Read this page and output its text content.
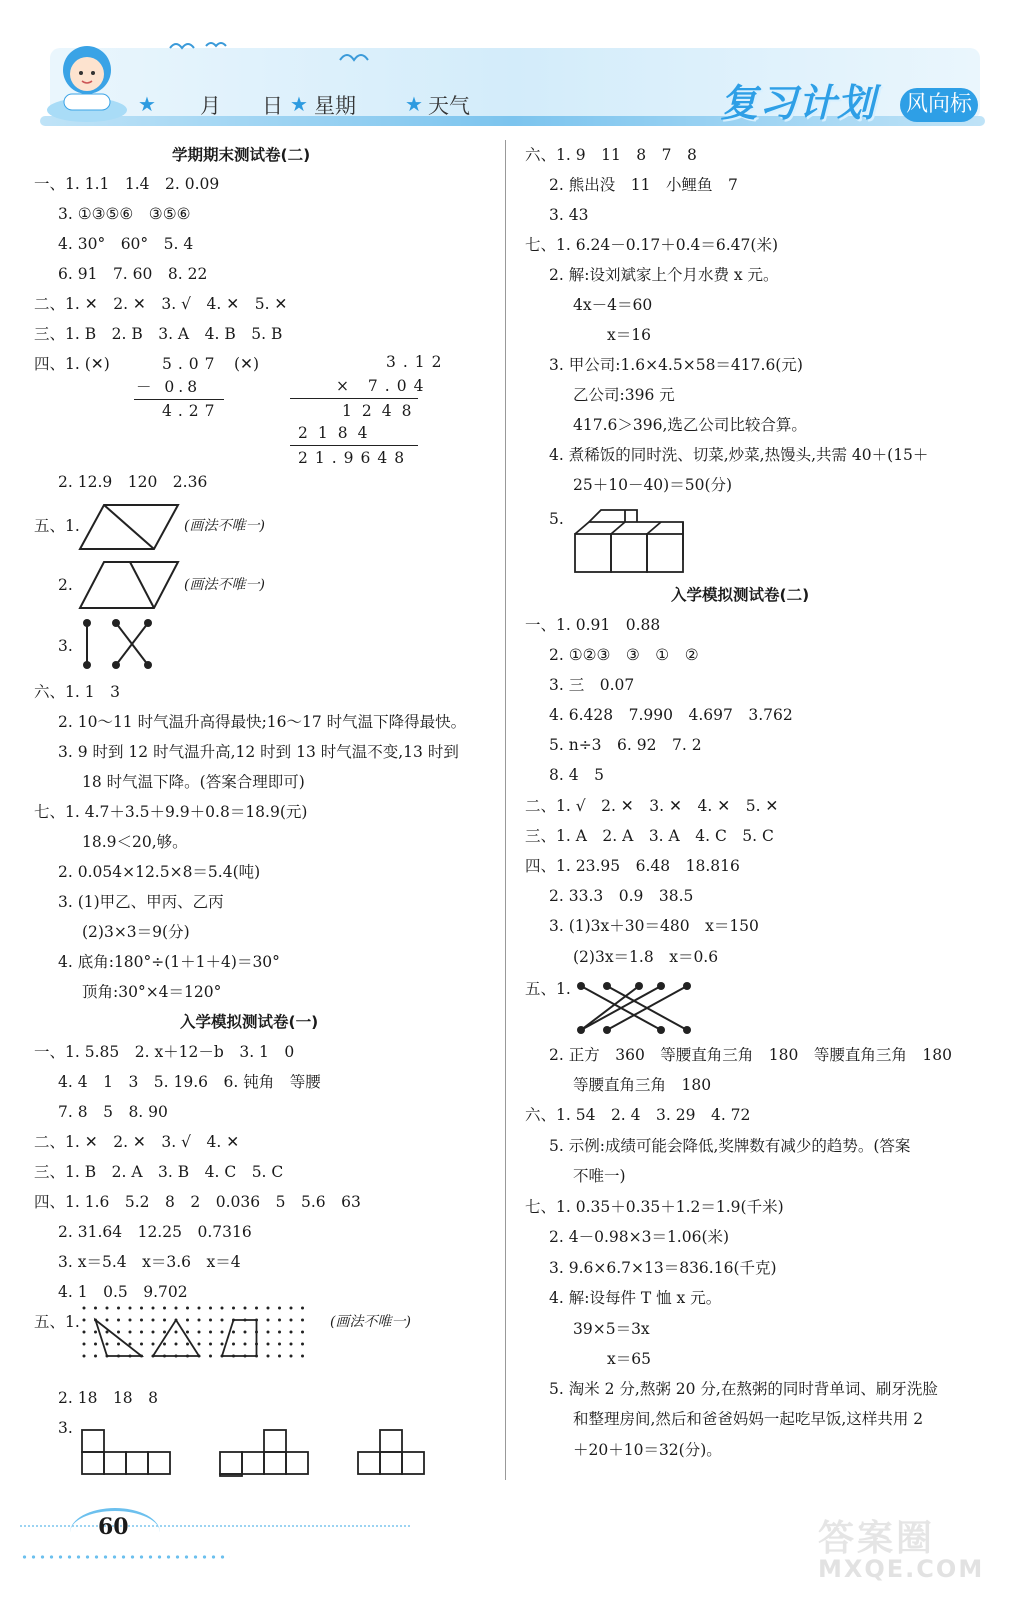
★ 月 日 ★ 星期 ★ 天气	复习计划 风向标
学期期末测试卷(二)
一、1. 1.1　1.4　2. 0.09
3. ①③⑤⑥　③⑤⑥
4. 30°　60°　5. 4
6. 91　7. 60　8. 22
二、1. ✕　2. ✕　3. √　4. ✕　5. ✕
三、1. B　2. B　3. A　4. B　5. B
四、1. (✕)	5.07
－ 0.8
4.27
(✕)	3.12
× 7.04
1248
2184
21.9648
2. 12.9　120　2.36
五、1.	(画法不唯一)
2.	(画法不唯一)
3.
六、1. 1　3
2. 10～11 时气温升高得最快;16～17 时气温下降得最快。
3. 9 时到 12 时气温升高,12 时到 13 时气温不变,13 时到
18 时气温下降。(答案合理即可)
七、1. 4.7＋3.5＋9.9＋0.8＝18.9(元)
18.9＜20,够。
2. 0.054×12.5×8＝5.4(吨)
3. (1)甲乙、甲丙、乙丙
(2)3×3＝9(分)
4. 底角:180°÷(1＋1＋4)＝30°
顶角:30°×4＝120°
入学模拟测试卷(一)
一、1. 5.85　2. x＋12－b　3. 1　0
4. 4　1　3　5. 19.6　6. 钝角　等腰
7. 8　5　8. 90
二、1. ✕　2. ✕　3. √　4. ✕
三、1. B　2. A　3. B　4. C　5. C
四、1. 1.6　5.2　8　2　0.036　5　5.6　63
2. 31.64　12.25　0.7316
3. x＝5.4　x＝3.6　x＝4
4. 1　0.5　9.702
五、1.	(画法不唯一)
2. 18　18　8
3.
六、1. 9　11　8　7　8
2. 熊出没　11　小鲤鱼　7
3. 43
七、1. 6.24－0.17＋0.4＝6.47(米)
2. 解:设刘斌家上个月水费 x 元。
4x－4＝60
x＝16
3. 甲公司:1.6×4.5×58＝417.6(元)
乙公司:396 元
417.6＞396,选乙公司比较合算。
4. 煮稀饭的同时洗、切菜,炒菜,热馒头,共需 40＋(15＋
25＋10－40)＝50(分)
5.
入学模拟测试卷(二)
一、1. 0.91　0.88
2. ①②③　③　①　②
3. 三　0.07
4. 6.428　7.990　4.697　3.762
5. n÷3　6. 92　7. 2
8. 4　5
二、1. √　2. ✕　3. ✕　4. ✕　5. ✕
三、1. A　2. A　3. A　4. C　5. C
四、1. 23.95　6.48　18.816
2. 33.3　0.9　38.5
3. (1)3x＋30＝480　x＝150
(2)3x＝1.8　x＝0.6
五、1.
2. 正方　360　等腰直角三角　180　等腰直角三角　180
等腰直角三角　180
六、1. 54　2. 4　3. 29　4. 72
5. 示例:成绩可能会降低,奖牌数有减少的趋势。(答案
不唯一)
七、1. 0.35＋0.35＋1.2＝1.9(千米)
2. 4－0.98×3＝1.06(米)
3. 9.6×6.7×13＝836.16(千克)
4. 解:设每件 T 恤 x 元。
39×5＝3x
x＝65
5. 淘米 2 分,熬粥 20 分,在熬粥的同时背单词、刷牙洗脸
和整理房间,然后和爸爸妈妈一起吃早饭,这样共用 2
＋20＋10＝32(分)。
60	答案圈
MXQE.COM
